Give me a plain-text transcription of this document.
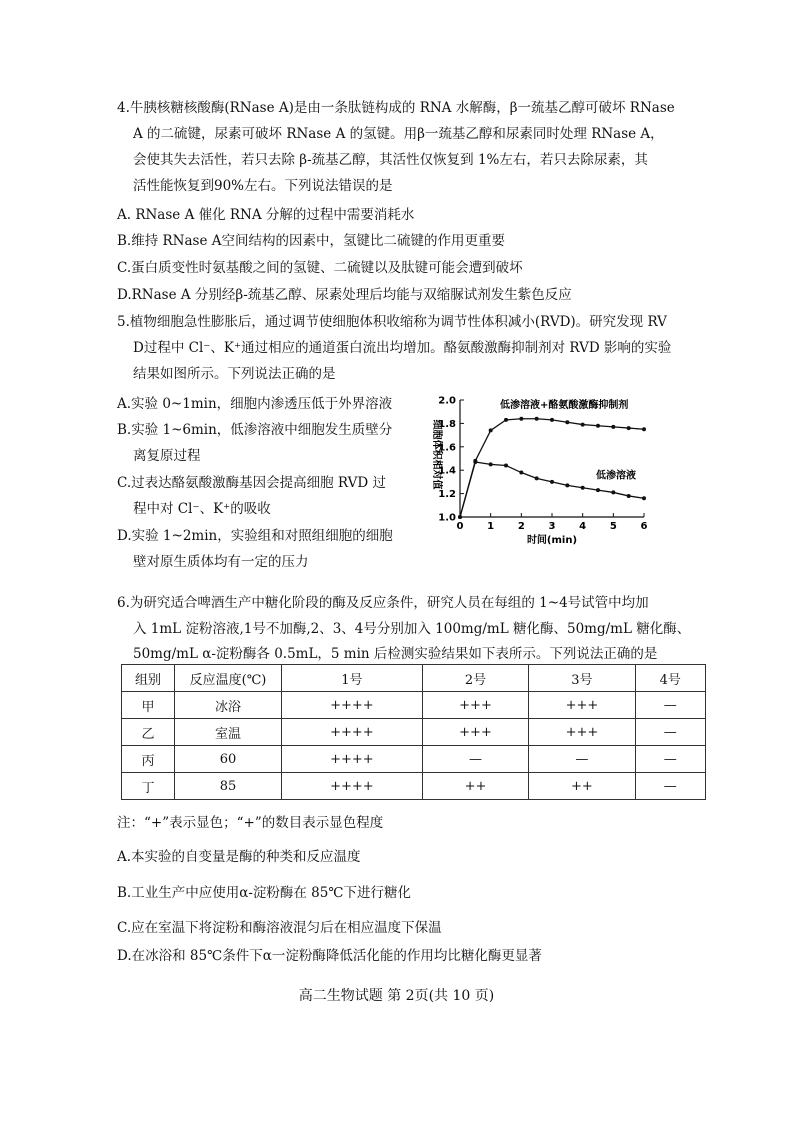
4.牛胰核糖核酸酶(RNase A)是由一条肽链构成的 RNA 水解酶，β一巯基乙醇可破坏 RNase
A 的二硫键，尿素可破坏 RNase A 的氢键。用β一巯基乙醇和尿素同时处理 RNase A，
会使其失去活性，若只去除 β-巯基乙醇，其活性仅恢复到 1%左右，若只去除尿素，其
活性能恢复到90%左右。下列说法错误的是
A. RNase A 催化 RNA 分解的过程中需要消耗水
B.维持 RNase A空间结构的因素中，氢键比二硫键的作用更重要
C.蛋白质变性时氨基酸之间的氢键、二硫键以及肽键可能会遭到破坏
D.RNase A 分别经β-巯基乙醇、尿素处理后均能与双缩脲试剂发生紫色反应
5.植物细胞急性膨胀后，通过调节使细胞体积收缩称为调节性体积减小(RVD)。研究发现 RV
D过程中 Cl⁻、K⁺通过相应的通道蛋白流出均增加。酪氨酸激酶抑制剂对 RVD 影响的实验
结果如图所示。下列说法正确的是
A.实验 0~1min，细胞内渗透压低于外界溶液
B.实验 1~6min，低渗溶液中细胞发生质壁分
离复原过程
C.过表达酪氨酸激酶基因会提高细胞 RVD 过
程中对 Cl⁻、K⁺的吸收
D.实验 1~2min，实验组和对照组细胞的细胞
壁对原生质体均有一定的压力
0 1 2 3 4 5 6
1.0
1.2
1.4
1.6
1.8
2.0
时间(min)
细胞体积相对值
低渗溶液+酪氨酸激酶抑制剂
低渗溶液
6.为研究适合啤酒生产中糖化阶段的酶及反应条件，研究人员在每组的 1~4号试管中均加
入 1mL 淀粉溶液,1号不加酶,2、3、4号分别加入 100mg/mL 糖化酶、50mg/mL 糖化酶、
50mg/mL α-淀粉酶各 0.5mL，5 min 后检测实验结果如下表所示。下列说法正确的是
组别	反应温度(℃)	1号	2号	3号	4号
甲	冰浴	++++	+++	+++	—
乙	室温	++++	+++	+++	—
丙	60	++++	—	—	—
丁	85	++++	++	++	—
注：“+”表示显色；“+”的数目表示显色程度
A.本实验的自变量是酶的种类和反应温度
B.工业生产中应使用α-淀粉酶在 85℃下进行糖化
C.应在室温下将淀粉和酶溶液混匀后在相应温度下保温
D.在冰浴和 85℃条件下α一淀粉酶降低活化能的作用均比糖化酶更显著
高二生物试题 第 2页(共 10 页)
